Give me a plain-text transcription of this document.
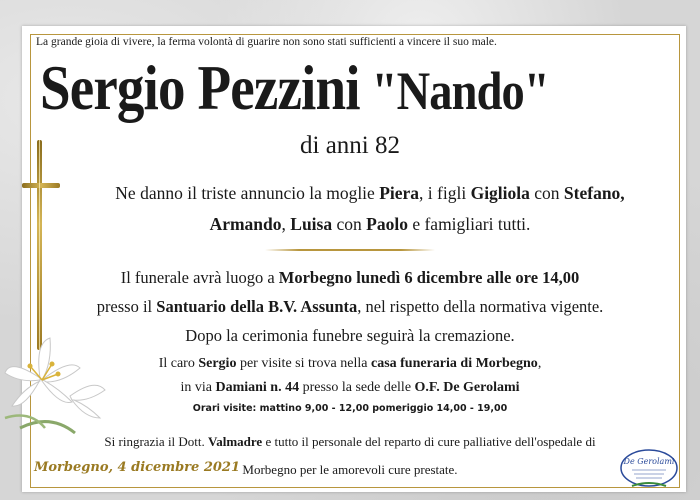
La grande gioia di vivere, la ferma volontà di guarire non sono stati sufficienti a vincere il suo male.
Sergio Pezzini "Nando"
di anni 82
Ne danno il triste annuncio la moglie Piera, i figli Gigliola con Stefano,
Armando, Luisa con Paolo e famigliari tutti.
Il funerale avrà luogo a Morbegno lunedì 6 dicembre alle ore 14,00
presso il Santuario della B.V. Assunta, nel rispetto della normativa vigente.
Dopo la cerimonia funebre seguirà la cremazione.
Il caro Sergio per visite si trova nella casa funeraria di Morbegno,
in via Damiani n. 44 presso la sede delle O.F. De Gerolami
Orari visite: mattino 9,00 - 12,00 pomeriggio 14,00 - 19,00
Si ringrazia il Dott. Valmadre e tutto il personale del reparto di cure palliative dell'ospedale di
Morbegno per le amorevoli cure prestate.
Morbegno, 4 dicembre 2021	De Gerolami
